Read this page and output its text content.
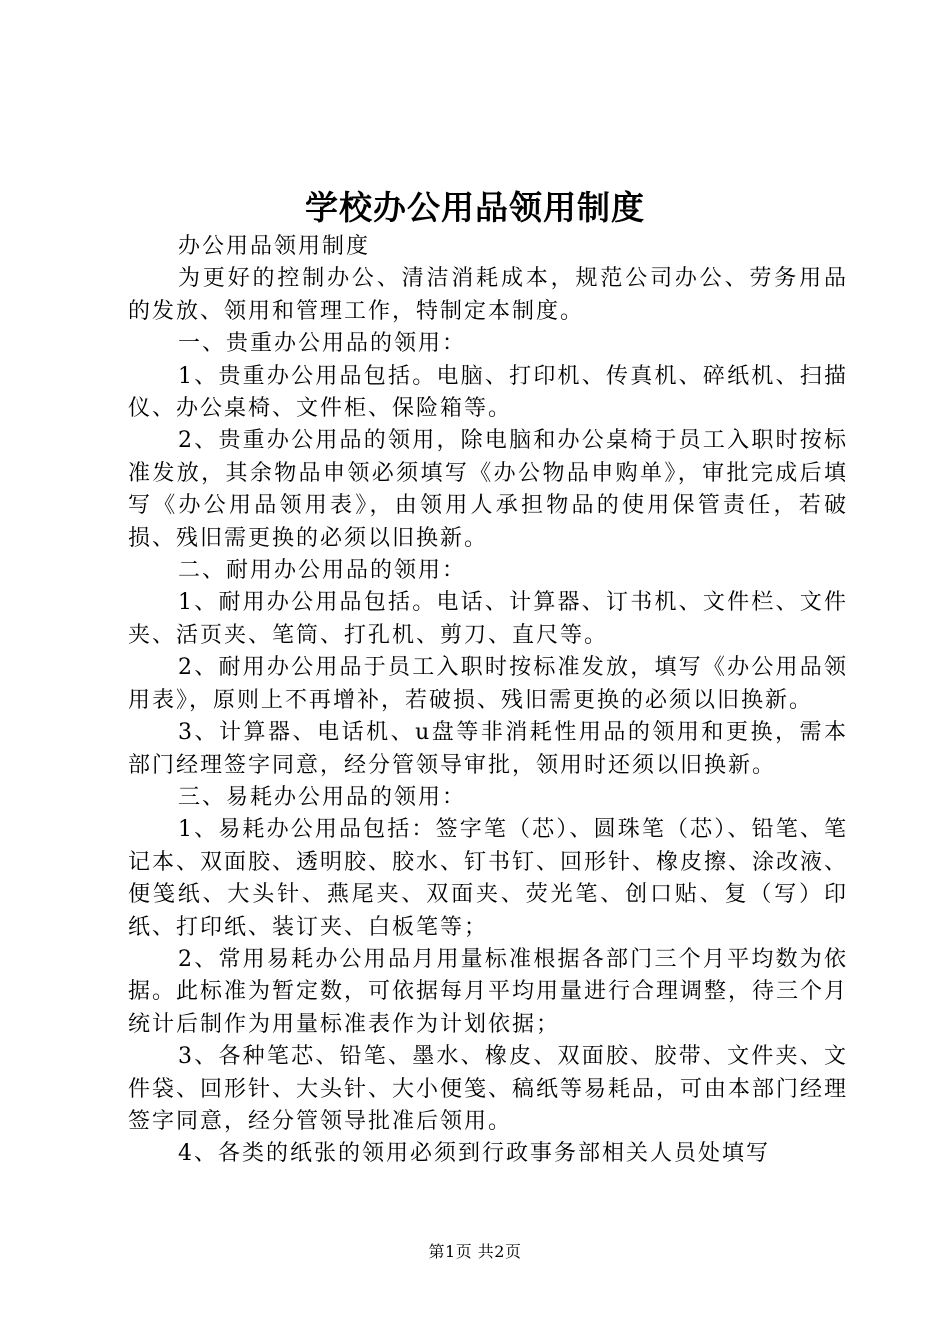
学校办公用品领用制度

办公用品领用制度

为更好的控制办公、清洁消耗成本，规范公司办公、劳务用品的发放、领用和管理工作，特制定本制度。

一、贵重办公用品的领用：

1、贵重办公用品包括。电脑、打印机、传真机、碎纸机、扫描仪、办公桌椅、文件柜、保险箱等。

2、贵重办公用品的领用，除电脑和办公桌椅于员工入职时按标准发放，其余物品申领必须填写《办公物品申购单》，审批完成后填写《办公用品领用表》，由领用人承担物品的使用保管责任，若破损、残旧需更换的必须以旧换新。

二、耐用办公用品的领用：

1、耐用办公用品包括。电话、计算器、订书机、文件栏、文件夹、活页夹、笔筒、打孔机、剪刀、直尺等。

2、耐用办公用品于员工入职时按标准发放，填写《办公用品领用表》，原则上不再增补，若破损、残旧需更换的必须以旧换新。

3、计算器、电话机、u盘等非消耗性用品的领用和更换，需本部门经理签字同意，经分管领导审批，领用时还须以旧换新。

三、易耗办公用品的领用：

1、易耗办公用品包括：签字笔（芯）、圆珠笔（芯）、铅笔、笔记本、双面胶、透明胶、胶水、钉书钉、回形针、橡皮擦、涂改液、便笺纸、大头针、燕尾夹、双面夹、荧光笔、创口贴、复（写）印纸、打印纸、装订夹、白板笔等；

2、常用易耗办公用品月用量标准根据各部门三个月平均数为依据。此标准为暂定数，可依据每月平均用量进行合理调整，待三个月统计后制作为用量标准表作为计划依据；

3、各种笔芯、铅笔、墨水、橡皮、双面胶、胶带、文件夹、文件袋、回形针、大头针、大小便笺、稿纸等易耗品，可由本部门经理签字同意，经分管领导批准后领用。

4、各类的纸张的领用必须到行政事务部相关人员处填写

第1页 共2页
